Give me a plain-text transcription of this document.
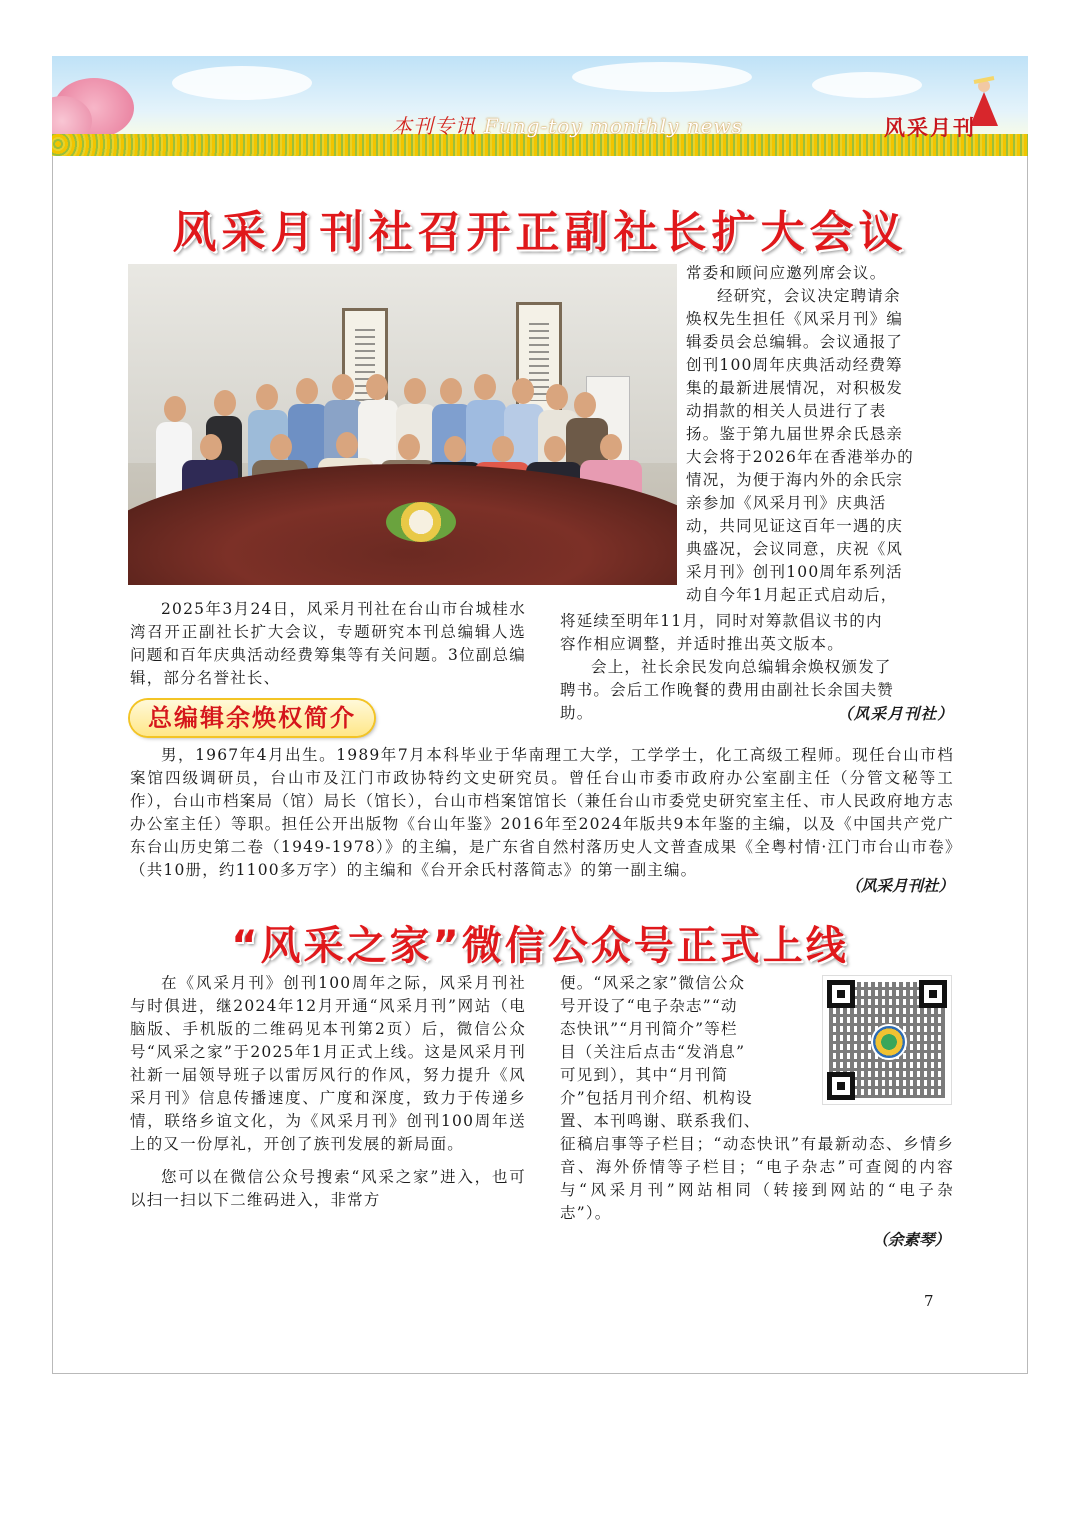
本刊专讯 Fung-toy monthly news	风采月刊
风采月刊社召开正副社长扩大会议

常委和顾问应邀列席会议。

经研究，会议决定聘请余

焕权先生担任《风采月刊》编

辑委员会总编辑。会议通报了

创刊100周年庆典活动经费筹

集的最新进展情况，对积极发

动捐款的相关人员进行了表

扬。鉴于第九届世界余氏恳亲

大会将于2026年在香港举办的

情况，为便于海内外的余氏宗

亲参加《风采月刊》庆典活

动，共同见证这百年一遇的庆

典盛况，会议同意，庆祝《风

采月刊》创刊100周年系列活

动自今年1月起正式启动后，

2025年3月24日，风采月刊社在台山市台城桂水湾召开正副社长扩大会议，专题研究本刊总编辑人选问题和百年庆典活动经费筹集等有关问题。3位副总编辑，部分名誉社长、

将延续至明年11月，同时对筹款倡议书的内

容作相应调整，并适时推出英文版本。

会上，社长余民发向总编辑余焕权颁发了

聘书。会后工作晚餐的费用由副社长余国夫赞

助。	（风采月刊社）

总编辑余焕权简介
男，1967年4月出生。1989年7月本科毕业于华南理工大学，工学学士，化工高级工程师。现任台山市档案馆四级调研员，台山市及江门市政协特约文史研究员。曾任台山市委市政府办公室副主任（分管文秘等工作），台山市档案局（馆）局长（馆长），台山市档案馆馆长（兼任台山市委党史研究室主任、市人民政府地方志办公室主任）等职。担任公开出版物《台山年鉴》2016年至2024年版共9本年鉴的主编，以及《中国共产党广东台山历史第二卷（1949-1978）》的主编，是广东省自然村落历史人文普查成果《全粤村情·江门市台山市卷》（共10册，约1100多万字）的主编和《台开余氏村落简志》的第一副主编。
（风采月刊社）
“风采之家”微信公众号正式上线

在《风采月刊》创刊100周年之际，风采月刊社与时俱进，继2024年12月开通“风采月刊”网站（电脑版、手机版的二维码见本刊第2页）后，微信公众号“风采之家”于2025年1月正式上线。这是风采月刊社新一届领导班子以雷厉风行的作风，努力提升《风采月刊》信息传播速度、广度和深度，致力于传递乡情，联络乡谊文化，为《风采月刊》创刊100周年送上的又一份厚礼，开创了族刊发展的新局面。

您可以在微信公众号搜索“风采之家”进入，也可以扫一扫以下二维码进入，非常方

便。“风采之家”微信公众

号开设了“电子杂志”“动

态快讯”“月刊简介”等栏

目（关注后点击“发消息”

可见到），其中“月刊简

介”包括月刊介绍、机构设

置、本刊鸣谢、联系我们、

征稿启事等子栏目；“动态快讯”有最新动态、乡情乡音、海外侨情等子栏目；“电子杂志”可查阅的内容与“风采月刊”网站相同（转接到网站的“电子杂志”）。

（余素琴）
7
